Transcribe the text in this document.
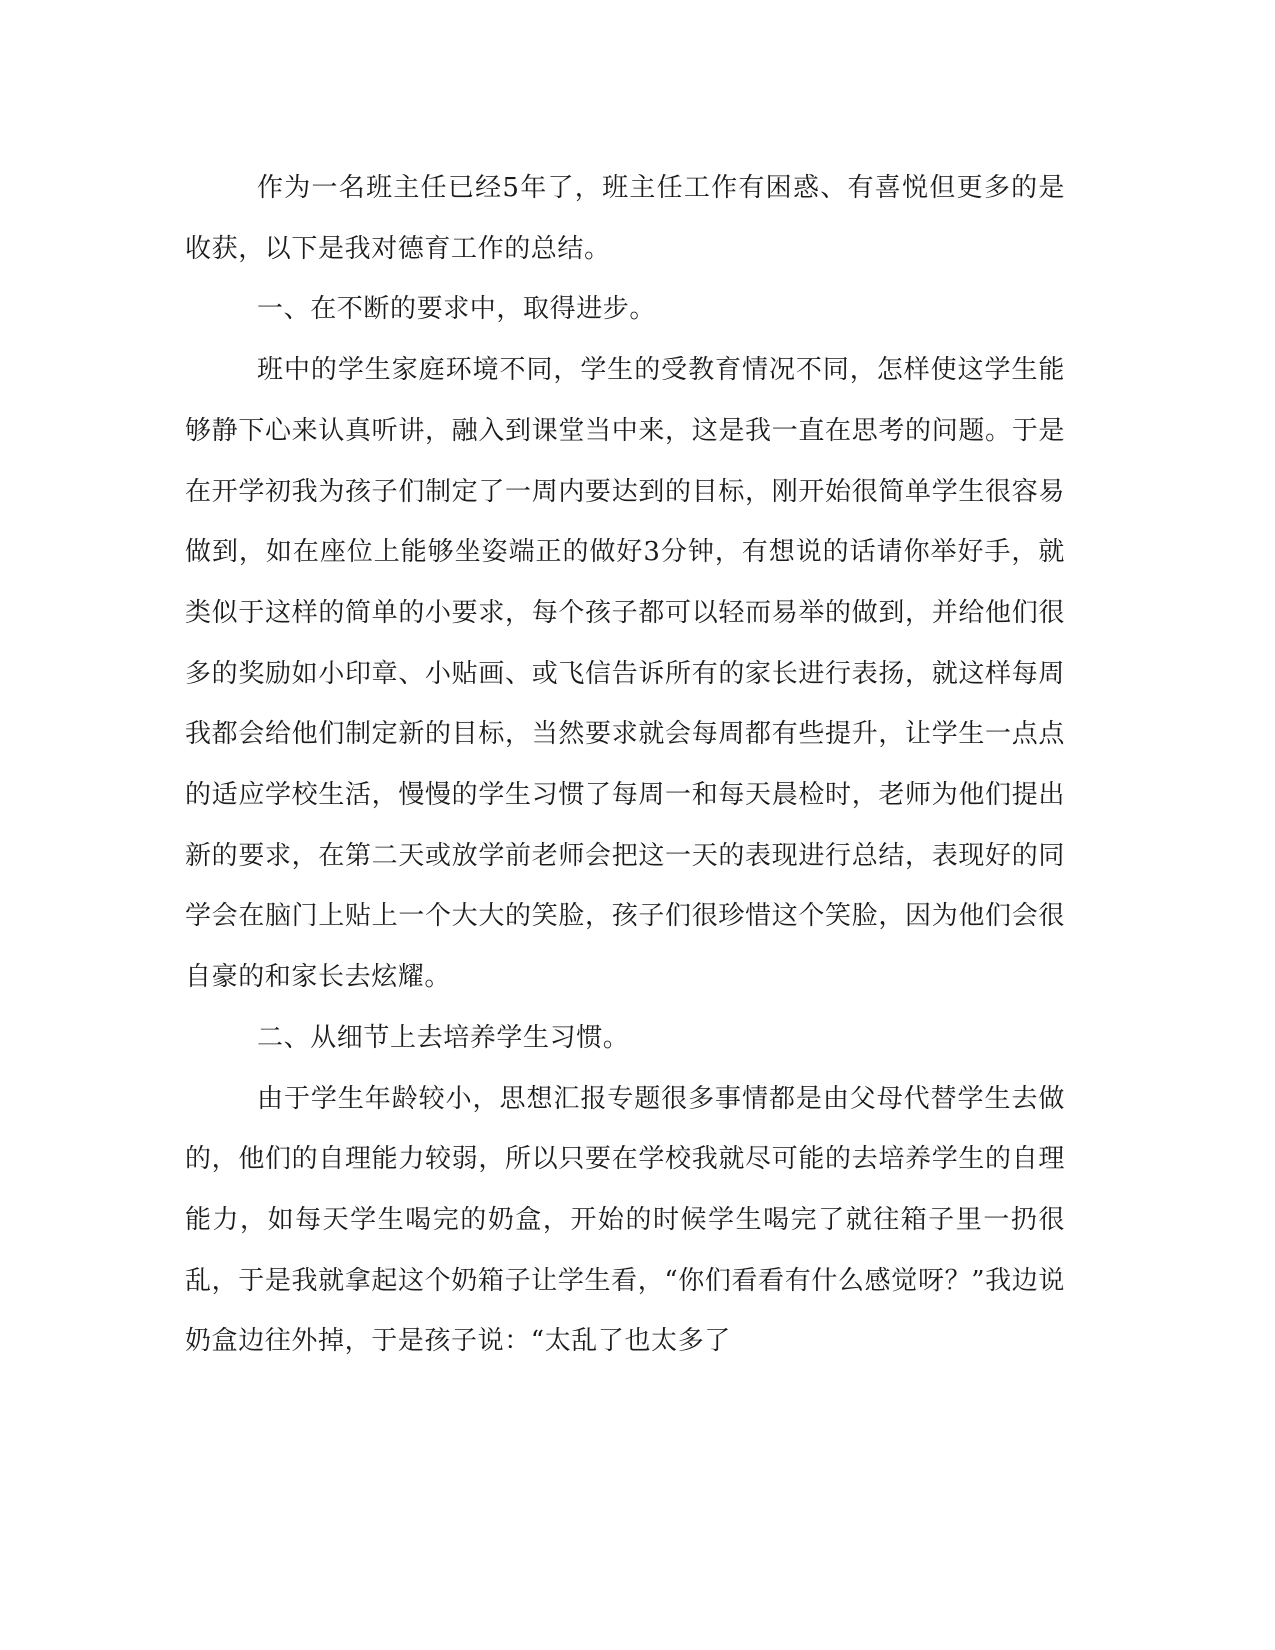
作为一名班主任已经5年了，班主任工作有困惑、有喜悦但更多的是收获，以下是我对德育工作的总结。

一、在不断的要求中，取得进步。

班中的学生家庭环境不同，学生的受教育情况不同，怎样使这学生能够静下心来认真听讲，融入到课堂当中来，这是我一直在思考的问题。于是在开学初我为孩子们制定了一周内要达到的目标，刚开始很简单学生很容易做到，如在座位上能够坐姿端正的做好3分钟，有想说的话请你举好手，就类似于这样的简单的小要求，每个孩子都可以轻而易举的做到，并给他们很多的奖励如小印章、小贴画、或飞信告诉所有的家长进行表扬，就这样每周我都会给他们制定新的目标，当然要求就会每周都有些提升，让学生一点点的适应学校生活，慢慢的学生习惯了每周一和每天晨检时，老师为他们提出新的要求，在第二天或放学前老师会把这一天的表现进行总结，表现好的同学会在脑门上贴上一个大大的笑脸，孩子们很珍惜这个笑脸，因为他们会很自豪的和家长去炫耀。

二、从细节上去培养学生习惯。

由于学生年龄较小，思想汇报专题很多事情都是由父母代替学生去做的，他们的自理能力较弱，所以只要在学校我就尽可能的去培养学生的自理能力，如每天学生喝完的奶盒，开始的时候学生喝完了就往箱子里一扔很乱，于是我就拿起这个奶箱子让学生看，“你们看看有什么感觉呀？”我边说奶盒边往外掉，于是孩子说：“太乱了也太多了
